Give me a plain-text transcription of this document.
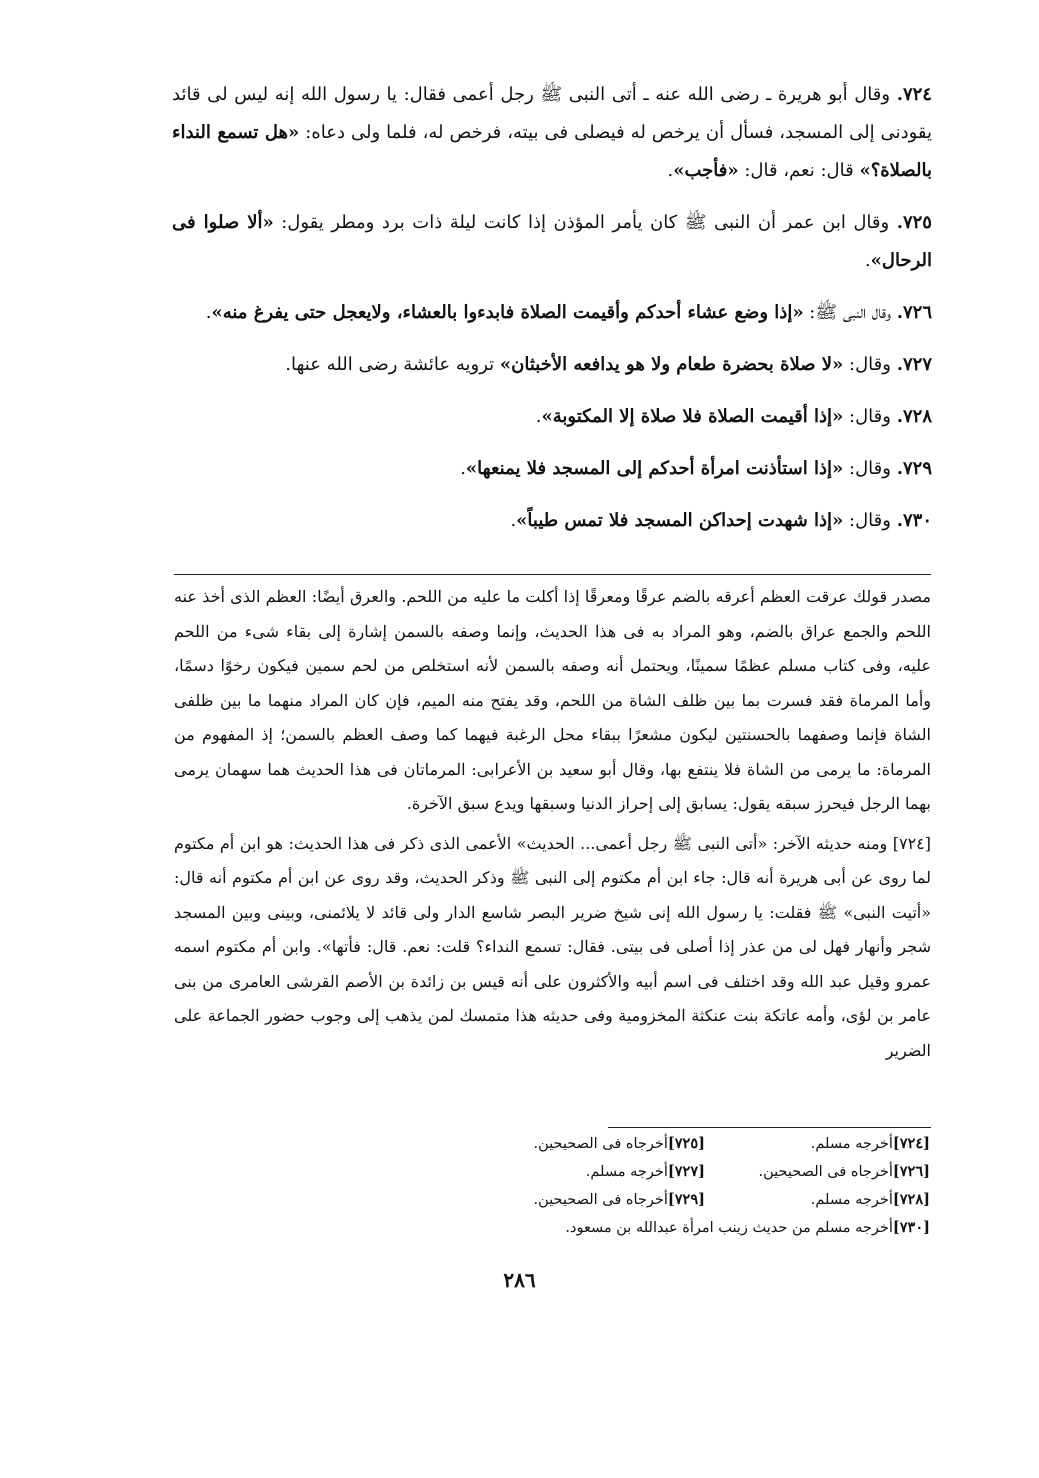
٧٢٤. وقال أبو هريرة ـ رضى الله عنه ـ أتى النبى ﷺ رجل أعمى فقال: يا رسول الله إنه ليس لى قائد يقودنى إلى المسجد، فسأل أن يرخص له فيصلى فى بيته، فرخص له، فلما ولى دعاه: «هل تسمع النداء بالصلاة؟» قال: نعم، قال: «فأجب».

٧٢٥. وقال ابن عمر أن النبى ﷺ كان يأمر المؤذن إذا كانت ليلة ذات برد ومطر يقول: «ألا صلوا فى الرحال».

٧٢٦. وقال النبى ﷺ: «إذا وضع عشاء أحدكم وأقيمت الصلاة فابدءوا بالعشاء، ولايعجل حتى يفرغ منه».

٧٢٧. وقال: «لا صلاة بحضرة طعام ولا هو يدافعه الأخبثان» ترويه عائشة رضى الله عنها.

٧٢٨. وقال: «إذا أقيمت الصلاة فلا صلاة إلا المكتوبة».

٧٢٩. وقال: «إذا استأذنت امرأة أحدكم إلى المسجد فلا يمنعها».

٧٣٠. وقال: «إذا شهدت إحداكن المسجد فلا تمس طيباً».

مصدر قولك عرقت العظم أعرقه بالضم عرقًا ومعرقًا إذا أكلت ما عليه من اللحم. والعرق أيضًا: العظم الذى أخذ عنه اللحم والجمع عراق بالضم، وهو المراد به فى هذا الحديث، وإنما وصفه بالسمن إشارة إلى بقاء شىء من اللحم عليه، وفى كتاب مسلم عظمًا سمينًا، ويحتمل أنه وصفه بالسمن لأنه استخلص من لحم سمين فيكون رخوًا دسمًا، وأما المرماة فقد فسرت بما بين ظلف الشاة من اللحم، وقد يفتح منه الميم، فإن كان المراد منهما ما بين ظلفى الشاة فإنما وصفهما بالحسنتين ليكون مشعرًا ببقاء محل الرغبة فيهما كما وصف العظم بالسمن؛ إذ المفهوم من المرماة: ما يرمى من الشاة فلا ينتفع بها، وقال أبو سعيد بن الأعرابى: المرماتان فى هذا الحديث هما سهمان يرمى بهما الرجل فيحرز سبقه يقول: يسابق إلى إحراز الدنيا وسبقها ويدع سبق الآخرة.

[٧٢٤] ومنه حديثه الآخر: «أتى النبى ﷺ رجل أعمى... الحديث» الأعمى الذى ذكر فى هذا الحديث: هو ابن أم مكتوم لما روى عن أبى هريرة أنه قال: جاء ابن أم مكتوم إلى النبى ﷺ وذكر الحديث، وقد روى عن ابن أم مكتوم أنه قال: «أتيت النبى» ﷺ فقلت: يا رسول الله إنى شيخ ضرير البصر شاسع الدار ولى قائد لا يلائمنى، وبينى وبين المسجد شجر وأنهار فهل لى من عذر إذا أصلى فى بيتى. فقال: تسمع النداء؟ قلت: نعم. قال: فأتها». وابن أم مكتوم اسمه عمرو وقيل عبد الله وقد اختلف فى اسم أبيه والأكثرون على أنه قيس بن زائدة بن الأصم القرشى العامرى من بنى عامر بن لؤى، وأمه عاتكة بنت عنكثة المخزومية وفى حديثه هذا متمسك لمن يذهب إلى وجوب حضور الجماعة على الضرير

[٧٢٤]أخرجه مسلم.
[٧٢٥]أخرجاه فى الصحيحين.
[٧٢٦]أخرجاه فى الصحيحين.
[٧٢٧]أخرجه مسلم.
[٧٢٨]أخرجه مسلم.
[٧٢٩]أخرجاه فى الصحيحين.
[٧٣٠]أخرجه مسلم من حديث زينب امرأة عبدالله بن مسعود.
٢٨٦
